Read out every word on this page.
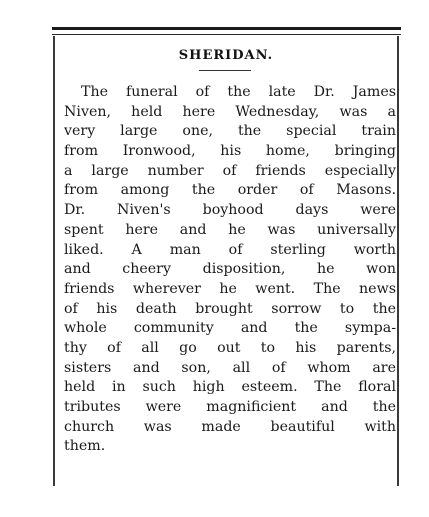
SHERIDAN.
The funeral of the late Dr. James
Niven, held here Wednesday, was a
very large one, the special train
from Ironwood, his home, bringing
a large number of friends especially
from among the order of Masons.
Dr. Niven's boyhood days were
spent here and he was universally
liked. A man of sterling worth
and cheery disposition, he won
friends wherever he went. The news
of his death brought sorrow to the
whole community and the sympa-
thy of all go out to his parents,
sisters and son, all of whom are
held in such high esteem. The floral
tributes were magnificient and the
church was made beautiful with
them.
